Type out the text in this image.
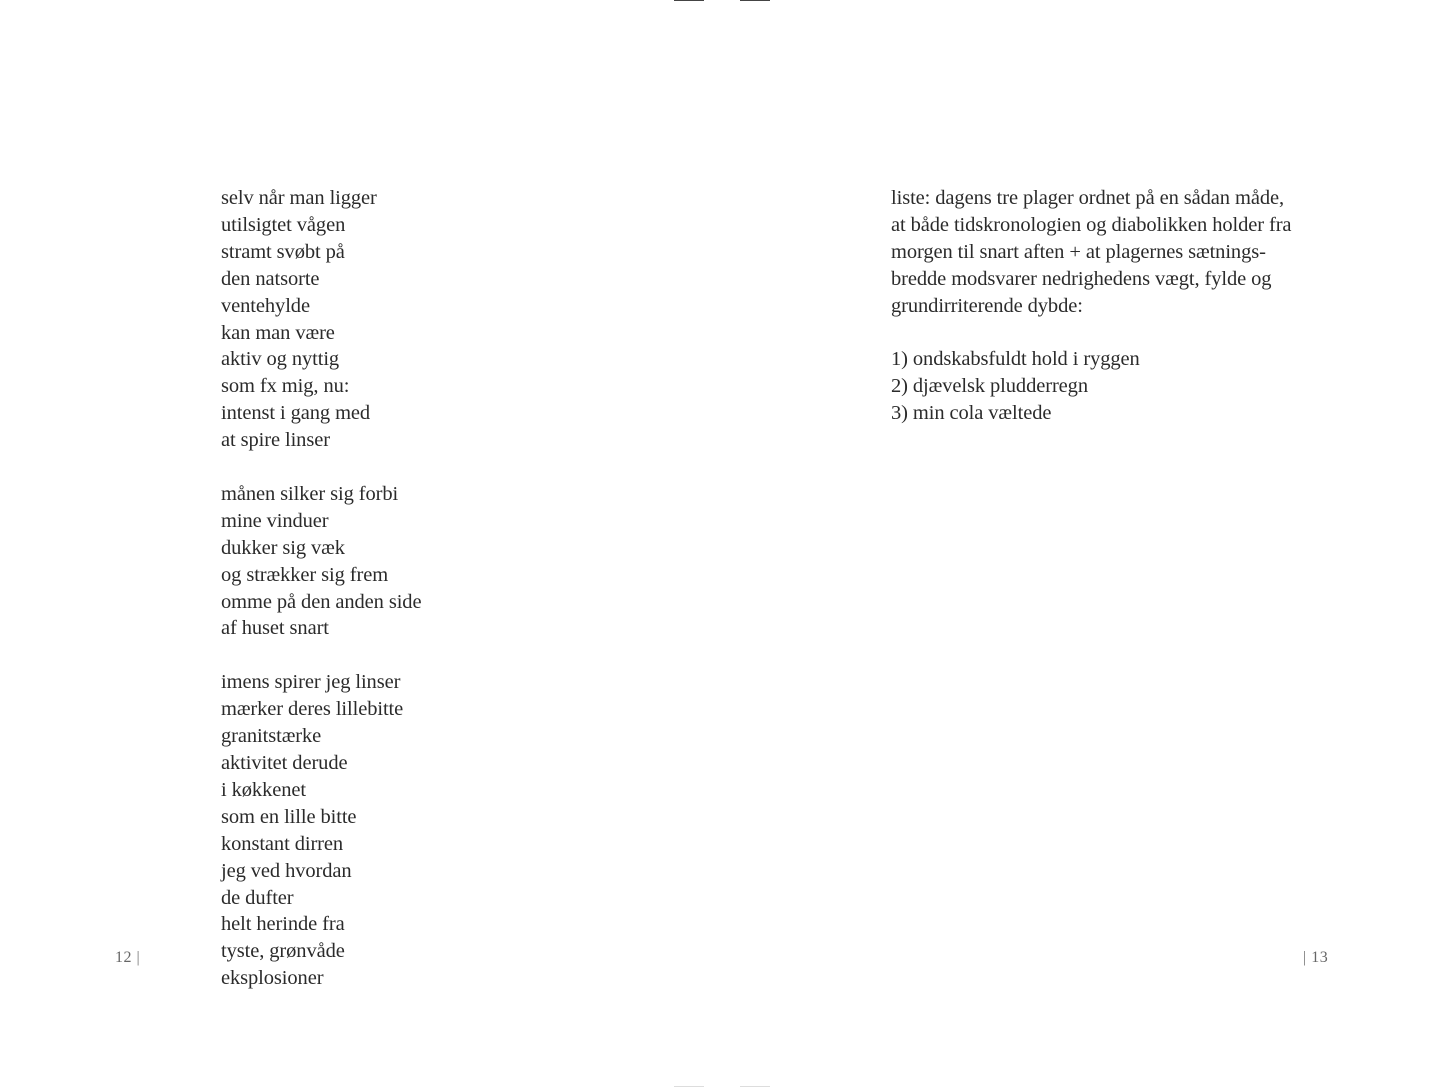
selv når man ligger
utilsigtet vågen
stramt svøbt på
den natsorte
ventehylde
kan man være
aktiv og nyttig
som fx mig, nu:
intenst i gang med
at spire linser
månen silker sig forbi
mine vinduer
dukker sig væk
og strækker sig frem
omme på den anden side
af huset snart
imens spirer jeg linser
mærker deres lillebitte
granitstærke
aktivitet derude
i køkkenet
som en lille bitte
konstant dirren
jeg ved hvordan
de dufter
helt herinde fra
tyste, grønvåde
eksplosioner
12 |
liste: dagens tre plager ordnet på en sådan måde,
at både tidskronologien og diabolikken holder fra
morgen til snart aften + at plagernes sætnings-
bredde modsvarer nedrighedens vægt, fylde og
grundirriterende dybde:
1) ondskabsfuldt hold i ryggen
2) djævelsk pludderregn
3) min cola væltede
| 13
